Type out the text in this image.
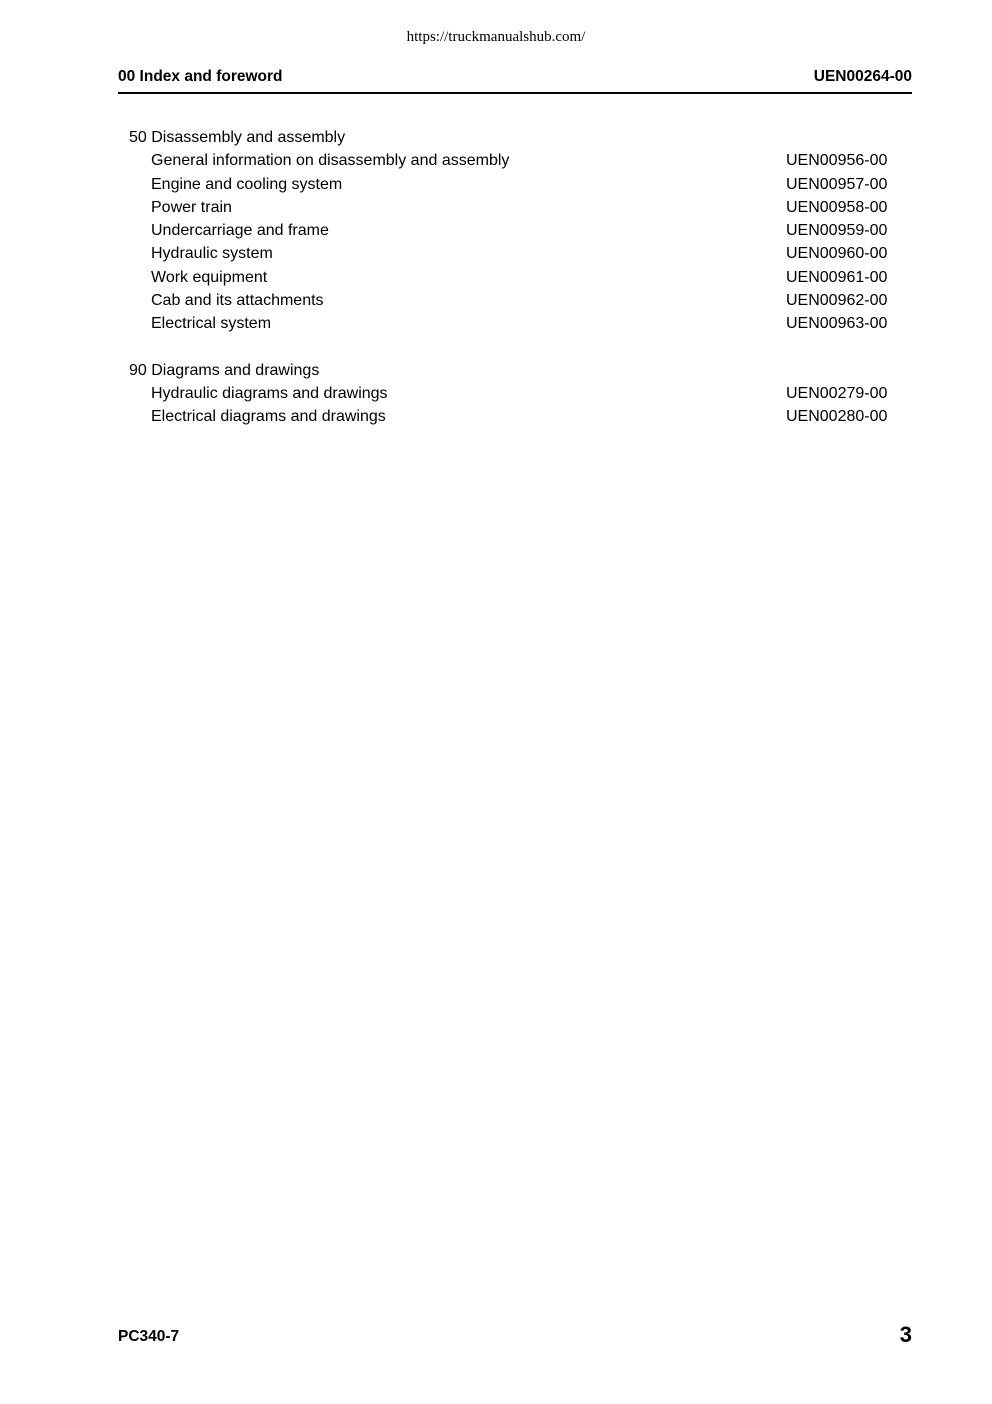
https://truckmanualshub.com/
00 Index and foreword	UEN00264-00
50 Disassembly and assembly
General information on disassembly and assembly	UEN00956-00
Engine and cooling system	UEN00957-00
Power train	UEN00958-00
Undercarriage and frame	UEN00959-00
Hydraulic system	UEN00960-00
Work equipment	UEN00961-00
Cab and its attachments	UEN00962-00
Electrical system	UEN00963-00
90 Diagrams and drawings
Hydraulic diagrams and drawings	UEN00279-00
Electrical diagrams and drawings	UEN00280-00
PC340-7	3
